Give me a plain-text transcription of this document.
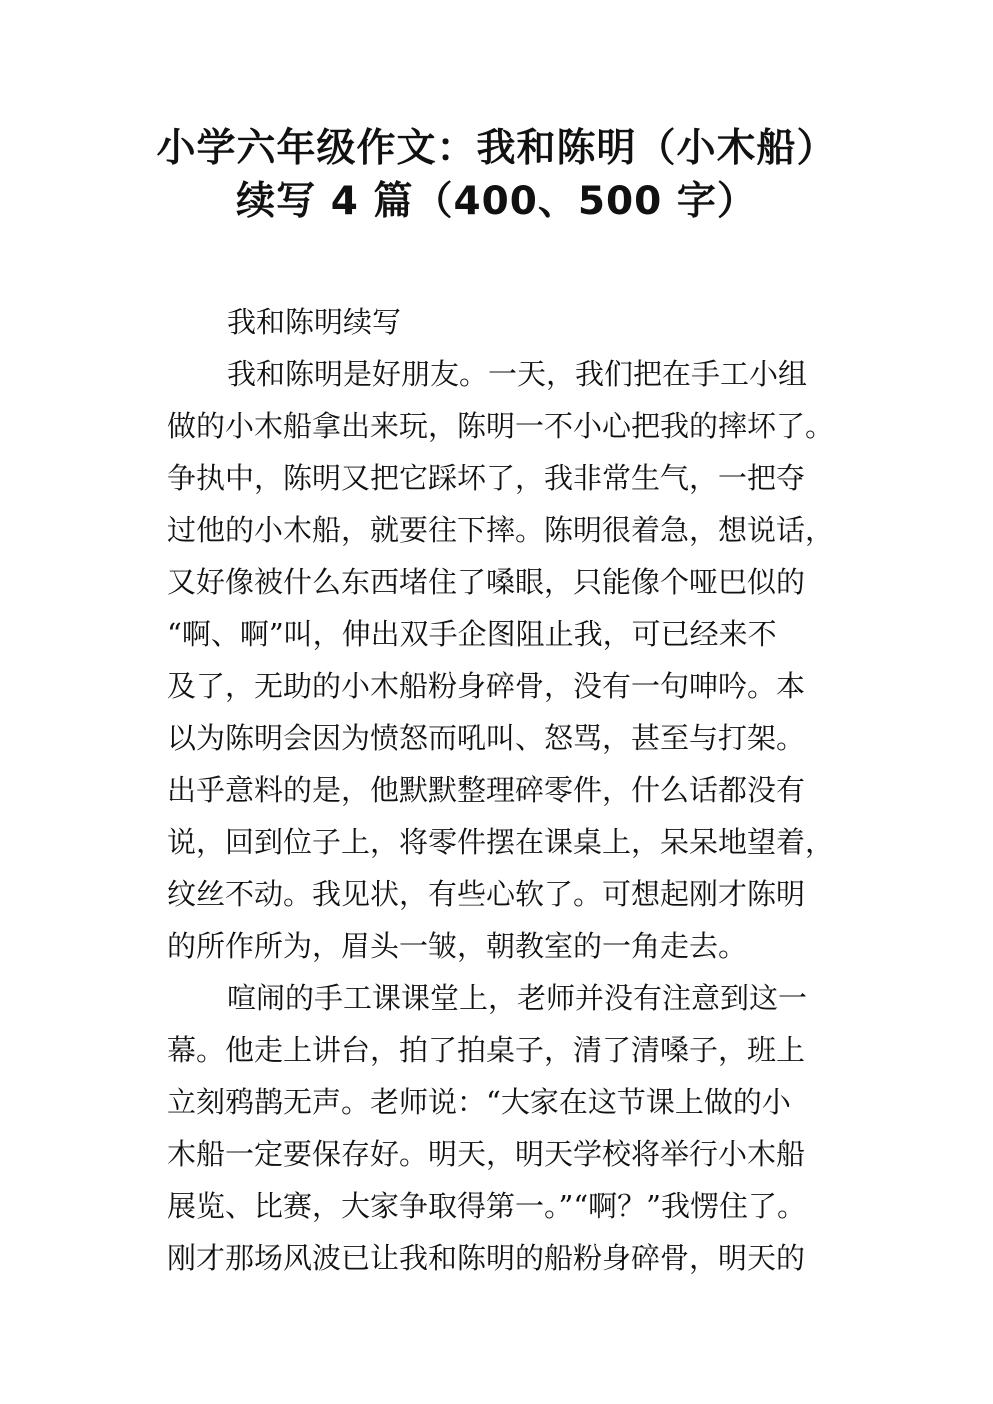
小学六年级作文：我和陈明（小木船）
续写 4 篇（400、500 字）
我和陈明续写
我和陈明是好朋友。一天，我们把在手工小组
做的小木船拿出来玩，陈明一不小心把我的摔坏了。
争执中，陈明又把它踩坏了，我非常生气，一把夺
过他的小木船，就要往下摔。陈明很着急，想说话，
又好像被什么东西堵住了嗓眼，只能像个哑巴似的
“啊、啊”叫，伸出双手企图阻止我，可已经来不
及了，无助的小木船粉身碎骨，没有一句呻吟。本
以为陈明会因为愤怒而吼叫、怒骂，甚至与打架。
出乎意料的是，他默默整理碎零件，什么话都没有
说，回到位子上，将零件摆在课桌上，呆呆地望着，
纹丝不动。我见状，有些心软了。可想起刚才陈明
的所作所为，眉头一皱，朝教室的一角走去。
喧闹的手工课课堂上，老师并没有注意到这一
幕。他走上讲台，拍了拍桌子，清了清嗓子，班上
立刻鸦鹊无声。老师说：“大家在这节课上做的小
木船一定要保存好。明天，明天学校将举行小木船
展览、比赛，大家争取得第一。”“啊？”我愣住了。
刚才那场风波已让我和陈明的船粉身碎骨，明天的
